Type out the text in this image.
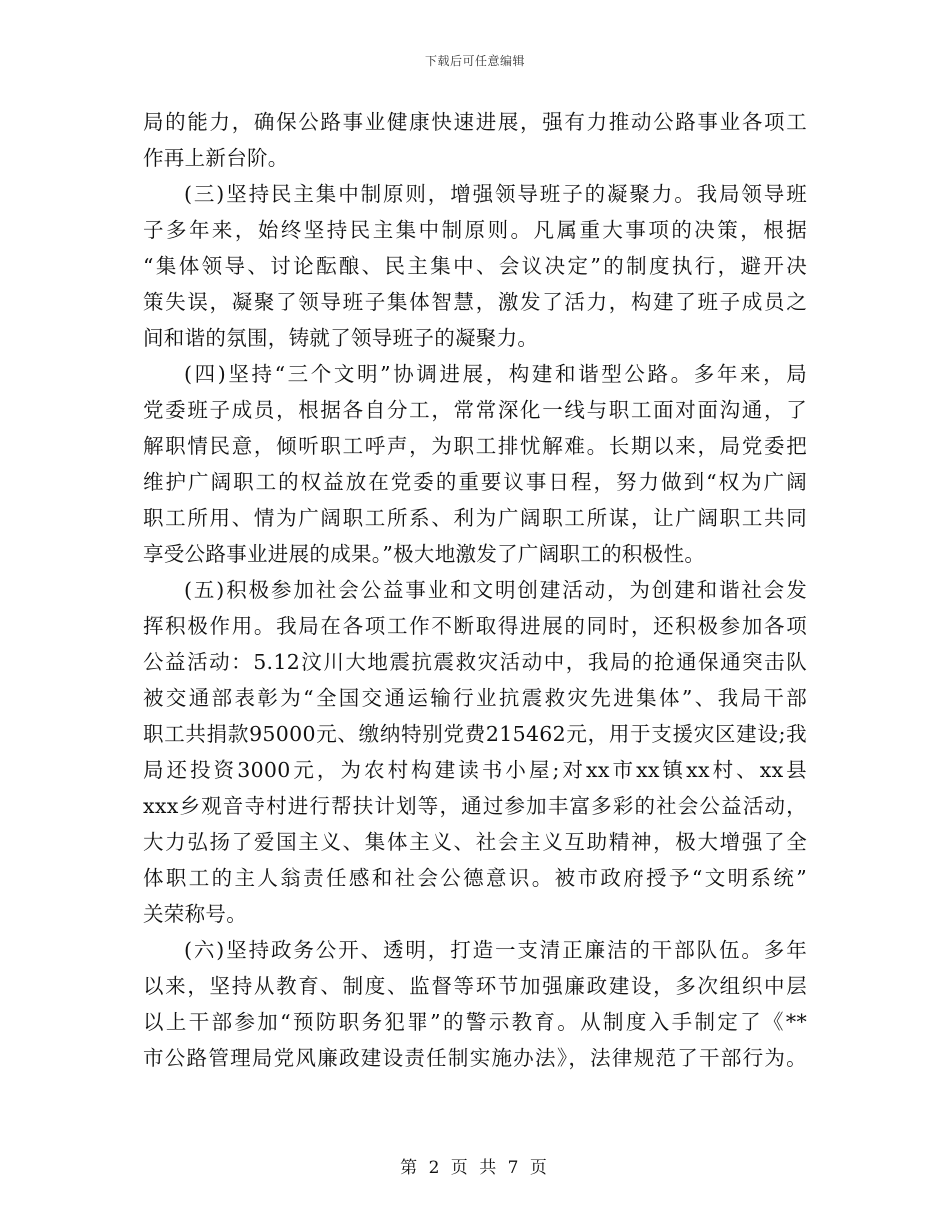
下载后可任意编辑
局的能力，确保公路事业健康快速进展，强有力推动公路事业各项工
作再上新台阶。
(三)坚持民主集中制原则，增强领导班子的凝聚力。我局领导班
子多年来，始终坚持民主集中制原则。凡属重大事项的决策，根据
“集体领导、讨论酝酿、民主集中、会议决定”的制度执行，避开决
策失误，凝聚了领导班子集体智慧，激发了活力，构建了班子成员之
间和谐的氛围，铸就了领导班子的凝聚力。
(四)坚持“三个文明”协调进展，构建和谐型公路。多年来，局
党委班子成员，根据各自分工，常常深化一线与职工面对面沟通，了
解职情民意，倾听职工呼声，为职工排忧解难。长期以来，局党委把
维护广阔职工的权益放在党委的重要议事日程，努力做到“权为广阔
职工所用、情为广阔职工所系、利为广阔职工所谋，让广阔职工共同
享受公路事业进展的成果。”极大地激发了广阔职工的积极性。
(五)积极参加社会公益事业和文明创建活动，为创建和谐社会发
挥积极作用。我局在各项工作不断取得进展的同时，还积极参加各项
公益活动：5.12汶川大地震抗震救灾活动中，我局的抢通保通突击队
被交通部表彰为“全国交通运输行业抗震救灾先进集体”、我局干部
职工共捐款95000元、缴纳特别党费215462元，用于支援灾区建设;我
局还投资3000元，为农村构建读书小屋;对xx市xx镇xx村、xx县
xxx乡观音寺村进行帮扶计划等，通过参加丰富多彩的社会公益活动，
大力弘扬了爱国主义、集体主义、社会主义互助精神，极大增强了全
体职工的主人翁责任感和社会公德意识。被市政府授予“文明系统”
关荣称号。
(六)坚持政务公开、透明，打造一支清正廉洁的干部队伍。多年
以来，坚持从教育、制度、监督等环节加强廉政建设，多次组织中层
以上干部参加“预防职务犯罪”的警示教育。从制度入手制定了《**
市公路管理局党风廉政建设责任制实施办法》，法律规范了干部行为。
第 2 页 共 7 页
